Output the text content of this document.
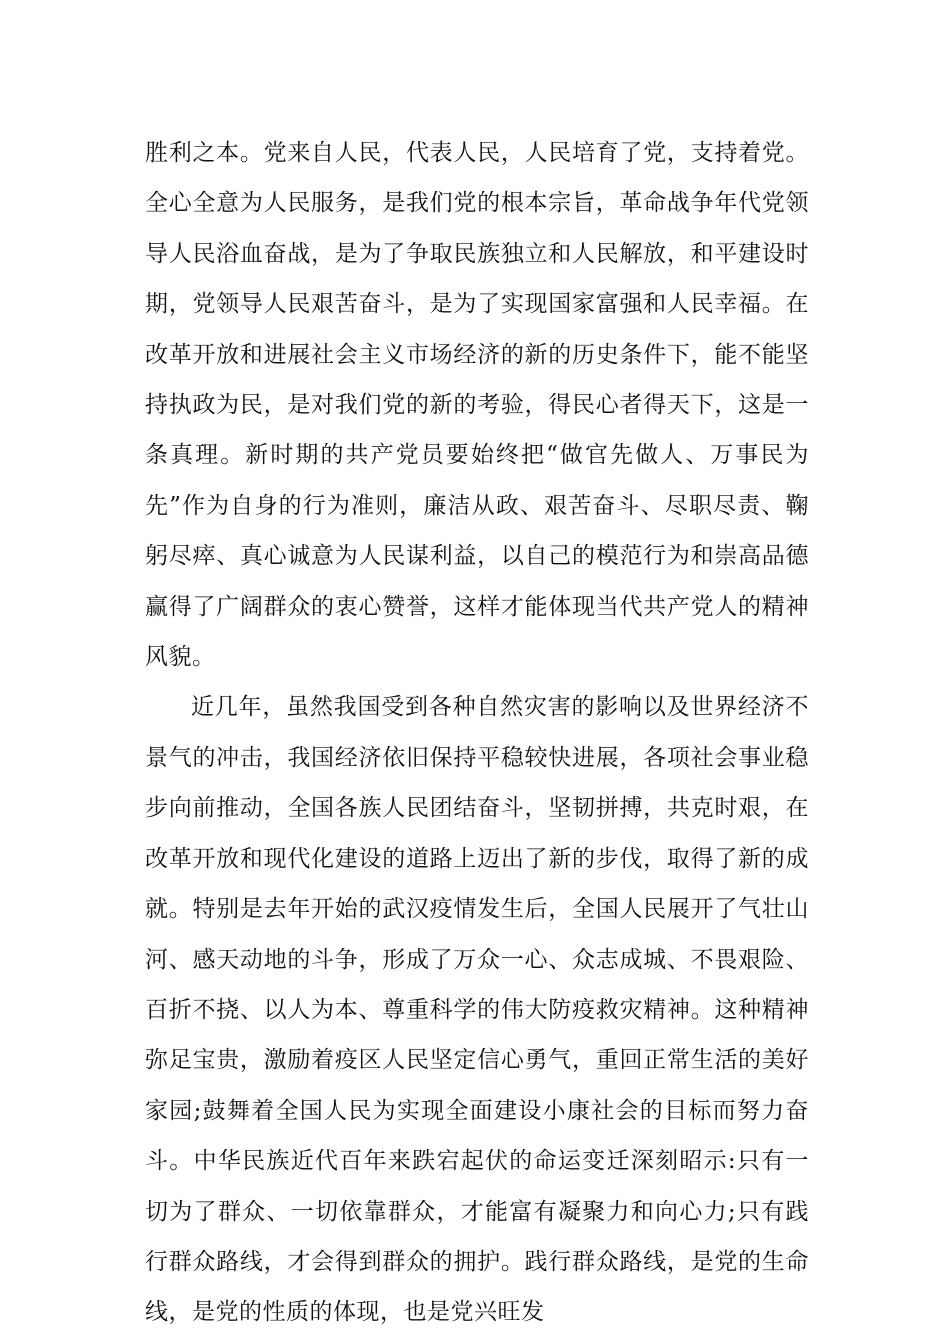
胜利之本。党来自人民，代表人民，人民培育了党，支持着党。全心全意为人民服务，是我们党的根本宗旨，革命战争年代党领导人民浴血奋战，是为了争取民族独立和人民解放，和平建设时期，党领导人民艰苦奋斗，是为了实现国家富强和人民幸福。在改革开放和进展社会主义市场经济的新的历史条件下，能不能坚持执政为民，是对我们党的新的考验，得民心者得天下，这是一条真理。新时期的共产党员要始终把“做官先做人、万事民为先”作为自身的行为准则，廉洁从政、艰苦奋斗、尽职尽责、鞠躬尽瘁、真心诚意为人民谋利益，以自己的模范行为和崇高品德赢得了广阔群众的衷心赞誉，这样才能体现当代共产党人的精神风貌。

近几年，虽然我国受到各种自然灾害的影响以及世界经济不景气的冲击，我国经济依旧保持平稳较快进展，各项社会事业稳步向前推动，全国各族人民团结奋斗，坚韧拼搏，共克时艰，在改革开放和现代化建设的道路上迈出了新的步伐，取得了新的成就。特别是去年开始的武汉疫情发生后，全国人民展开了气壮山河、感天动地的斗争，形成了万众一心、众志成城、不畏艰险、百折不挠、以人为本、尊重科学的伟大防疫救灾精神。这种精神弥足宝贵，激励着疫区人民坚定信心勇气，重回正常生活的美好家园;鼓舞着全国人民为实现全面建设小康社会的目标而努力奋斗。中华民族近代百年来跌宕起伏的命运变迁深刻昭示:只有一切为了群众、一切依靠群众，才能富有凝聚力和向心力;只有践行群众路线，才会得到群众的拥护。践行群众路线，是党的生命线，是党的性质的体现，也是党兴旺发
